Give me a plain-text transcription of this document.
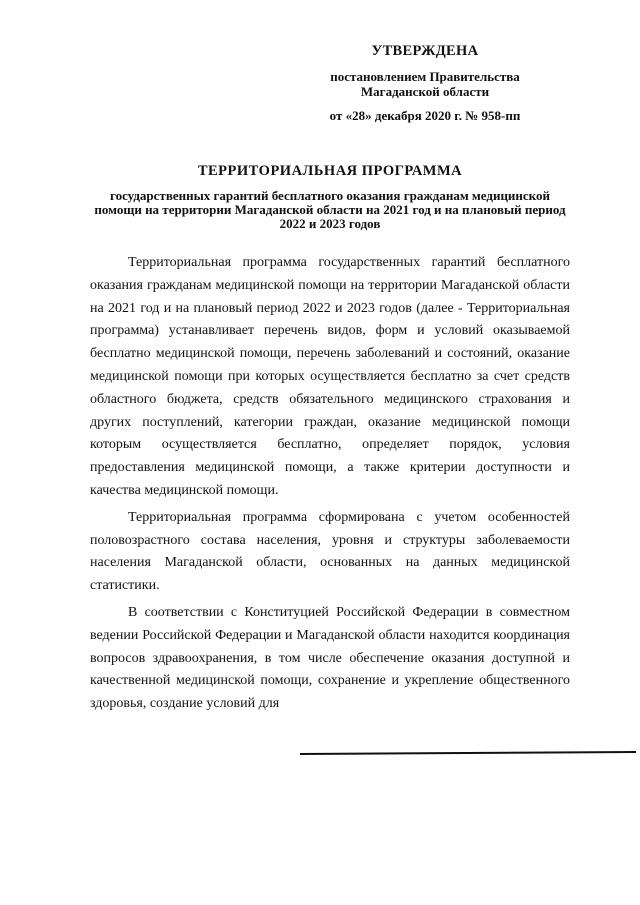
УТВЕРЖДЕНА
постановлением Правительства Магаданской области
от «28» декабря 2020 г. № 958-пп
ТЕРРИТОРИАЛЬНАЯ ПРОГРАММА
государственных гарантий бесплатного оказания гражданам медицинской помощи на территории Магаданской области на 2021 год и на плановый период 2022 и 2023 годов

Территориальная программа государственных гарантий бесплатного оказания гражданам медицинской помощи на территории Магаданской области на 2021 год и на плановый период 2022 и 2023 годов (далее - Территориальная программа) устанавливает перечень видов, форм и условий оказываемой бесплатно медицинской помощи, перечень заболеваний и состояний, оказание медицинской помощи при которых осуществляется бесплатно за счет средств областного бюджета, средств обязательного медицинского страхования и других поступлений, категории граждан, оказание медицинской помощи которым осуществляется бесплатно, определяет порядок, условия предоставления медицинской помощи, а также критерии доступности и качества медицинской помощи.

Территориальная программа сформирована с учетом особенностей половозрастного состава населения, уровня и структуры заболеваемости населения Магаданской области, основанных на данных медицинской статистики.

В соответствии с Конституцией Российской Федерации в совместном ведении Российской Федерации и Магаданской области находится координация вопросов здравоохранения, в том числе обеспечение оказания доступной и качественной медицинской помощи, сохранение и укрепление общественного здоровья, создание условий для
